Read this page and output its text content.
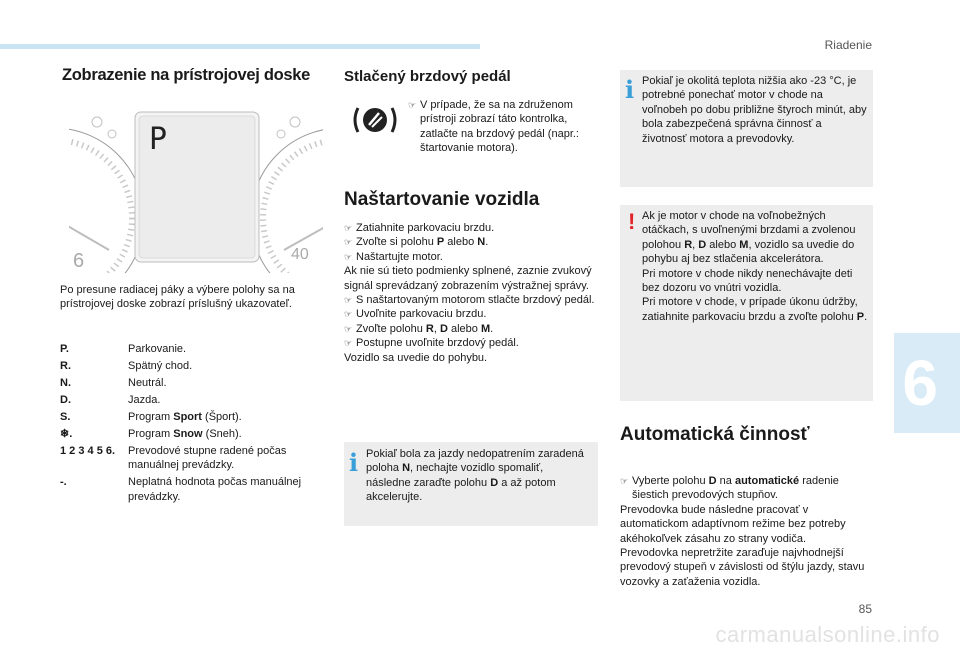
Riadenie
6
85
carmanualsonline.info
Zobrazenie na prístrojovej doske
P
6	40

Po presune radiacej páky a výbere polohy sa na prístrojovej doske zobrazí príslušný ukazovateľ.

P.	Parkovanie.
R.	Spätný chod.
N.	Neutrál.
D.	Jazda.
S.	Program Sport (Šport).
❄.	Program Snow (Sneh).
1 2 3 4 5 6.	Prevodové stupne radené počas manuálnej prevádzky.
-.	Neplatná hodnota počas manuálnej prevádzky.
Stlačený brzdový pedál
☞ V prípade, že sa na združenom prístroji zobrazí táto kontrolka, zatlačte na brzdový pedál (napr.: štartovanie motora).
Naštartovanie vozidla
☞ Zatiahnite parkovaciu brzdu.
☞ Zvoľte si polohu P alebo N.
☞ Naštartujte motor.
Ak nie sú tieto podmienky splnené, zaznie zvukový signál sprevádzaný zobrazením výstražnej správy.
☞ S naštartovaným motorom stlačte brzdový pedál.
☞ Uvoľnite parkovaciu brzdu.
☞ Zvoľte polohu R, D alebo M.
☞ Postupne uvoľnite brzdový pedál.
Vozidlo sa uvedie do pohybu.
i Pokiaľ bola za jazdy nedopatrením zaradená poloha N, nechajte vozidlo spomaliť, následne zaraďte polohu D a až potom akcelerujte.
i Pokiaľ je okolitá teplota nižšia ako -23 °C, je potrebné ponechať motor v chode na voľnobeh po dobu približne štyroch minút, aby bola zabezpečená správna činnosť a životnosť motora a prevodovky.
! Ak je motor v chode na voľnobežných otáčkach, s uvoľnenými brzdami a zvolenou polohou R, D alebo M, vozidlo sa uvedie do pohybu aj bez stlačenia akcelerátora.
Pri motore v chode nikdy nenechávajte deti bez dozoru vo vnútri vozidla.
Pri motore v chode, v prípade úkonu údržby, zatiahnite parkovaciu brzdu a zvoľte polohu P.
Automatická činnosť
☞ Vyberte polohu D na automatické radenie šiestich prevodových stupňov.
Prevodovka bude následne pracovať v automatickom adaptívnom režime bez potreby akéhokoľvek zásahu zo strany vodiča.
Prevodovka nepretržite zaraďuje najvhodnejší prevodový stupeň v závislosti od štýlu jazdy, stavu vozovky a zaťaženia vozidla.
